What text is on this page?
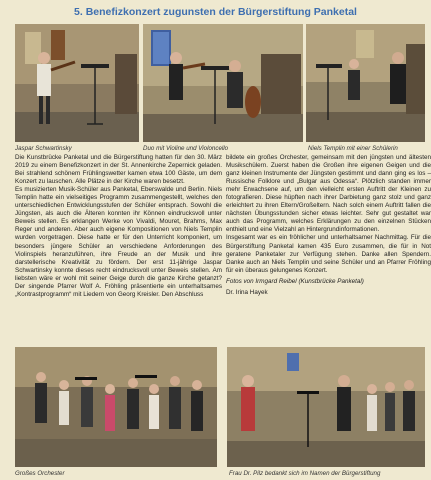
5. Benefizkonzert zugunsten der Bürgerstiftung Panketal
Jaspar Schwartinsky	Duo mit Violine und Violoncello	Niels Templin mit einer Schülerin

Die Kunstbrücke Panketal und die Bürgerstiftung hatten für den 30. März 2019 zu einem Benefizkonzert in der St. Annenkirche Zepernick geladen. Bei strahlend schönem Frühlingswetter kamen etwa 100 Gäste, um dem Konzert zu lauschen. Alle Plätze in der Kirche waren besetzt.

Es musizierten Musik-Schüler aus Panketal, Eberswalde und Berlin. Niels Templin hatte ein vielseitiges Programm zusammengestellt, welches den unterschiedlichen Entwicklungsstufen der Schüler entsprach. Sowohl die Jüngsten, als auch die Älteren konnten ihr Können eindrucksvoll unter Beweis stellen. Es erklangen Werke von Vivaldi, Mouret, Brahms, Max Reger und anderen. Aber auch eigene Kompositionen von Niels Templin wurden vorgetragen. Diese hatte er für den Unterricht komponiert, um besonders jüngere Schüler an verschiedene Anforderungen des Violinspiels heranzuführen, ihre Freude an der Musik und ihre darstellerische Kreativität zu fördern. Der erst 11-jährige Jaspar Schwartinsky konnte dieses recht eindrucksvoll unter Beweis stellen. Am liebsten wäre er wohl mit seiner Geige durch die ganze Kirche getanzt? Der singende Pfarrer Wolf A. Fröhling präsentierte ein unterhaltsames „Kontrastprogramm“ mit Liedern von Georg Kreisler. Den Abschluss

bildete ein großes Orchester, gemeinsam mit den jüngsten und ältesten Musikschülern. Zuerst haben die Großen ihre eigenen Geigen und die ganz kleinen Instrumente der Jüngsten gestimmt und dann ging es los – Russische Folklore und „Bulgar aus Odessa“. Plötzlich standen immer mehr Erwachsene auf, um den vielleicht ersten Auftritt der Kleinen zu fotografieren. Diese hüpften nach ihrer Darbietung ganz stolz und ganz erleichtert zu ihren Eltern/Großeltern. Nach solch einem Auftritt fallen die nächsten Übungsstunden sicher etwas leichter. Sehr gut gestaltet war auch das Programm, welches Erklärungen zu den einzelnen Stücken enthielt und eine Vielzahl an Hintergrundinformationen.

Insgesamt war es ein fröhlicher und unterhaltsamer Nachmittag. Für die Bürgerstiftung Panketal kamen 435 Euro zusammen, die für in Not geratene Panketaler zur Verfügung stehen. Danke allen Spendern. Danke auch an Niels Templin und seine Schüler und an Pfarrer Fröhling für ein überaus gelungenes Konzert.

Fotos von Irmgard Reibel (Kunstbrücke Panketal)

Dr. Irina Hayek

Großes Orchester	Frau Dr. Pilz bedankt sich im Namen der Bürgerstiftung
